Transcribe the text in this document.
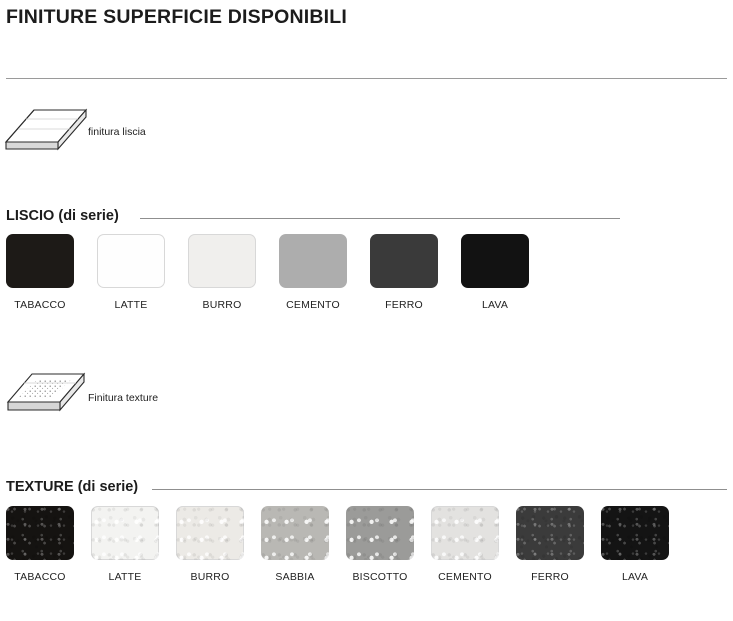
FINITURE SUPERFICIE DISPONIBILI
finitura liscia
LISCIO (di serie)
TABACCO	LATTE	BURRO	CEMENTO	FERRO	LAVA
Finitura texture
TEXTURE (di serie)
TABACCO	LATTE	BURRO	SABBIA	BISCOTTO	CEMENTO	FERRO	LAVA
